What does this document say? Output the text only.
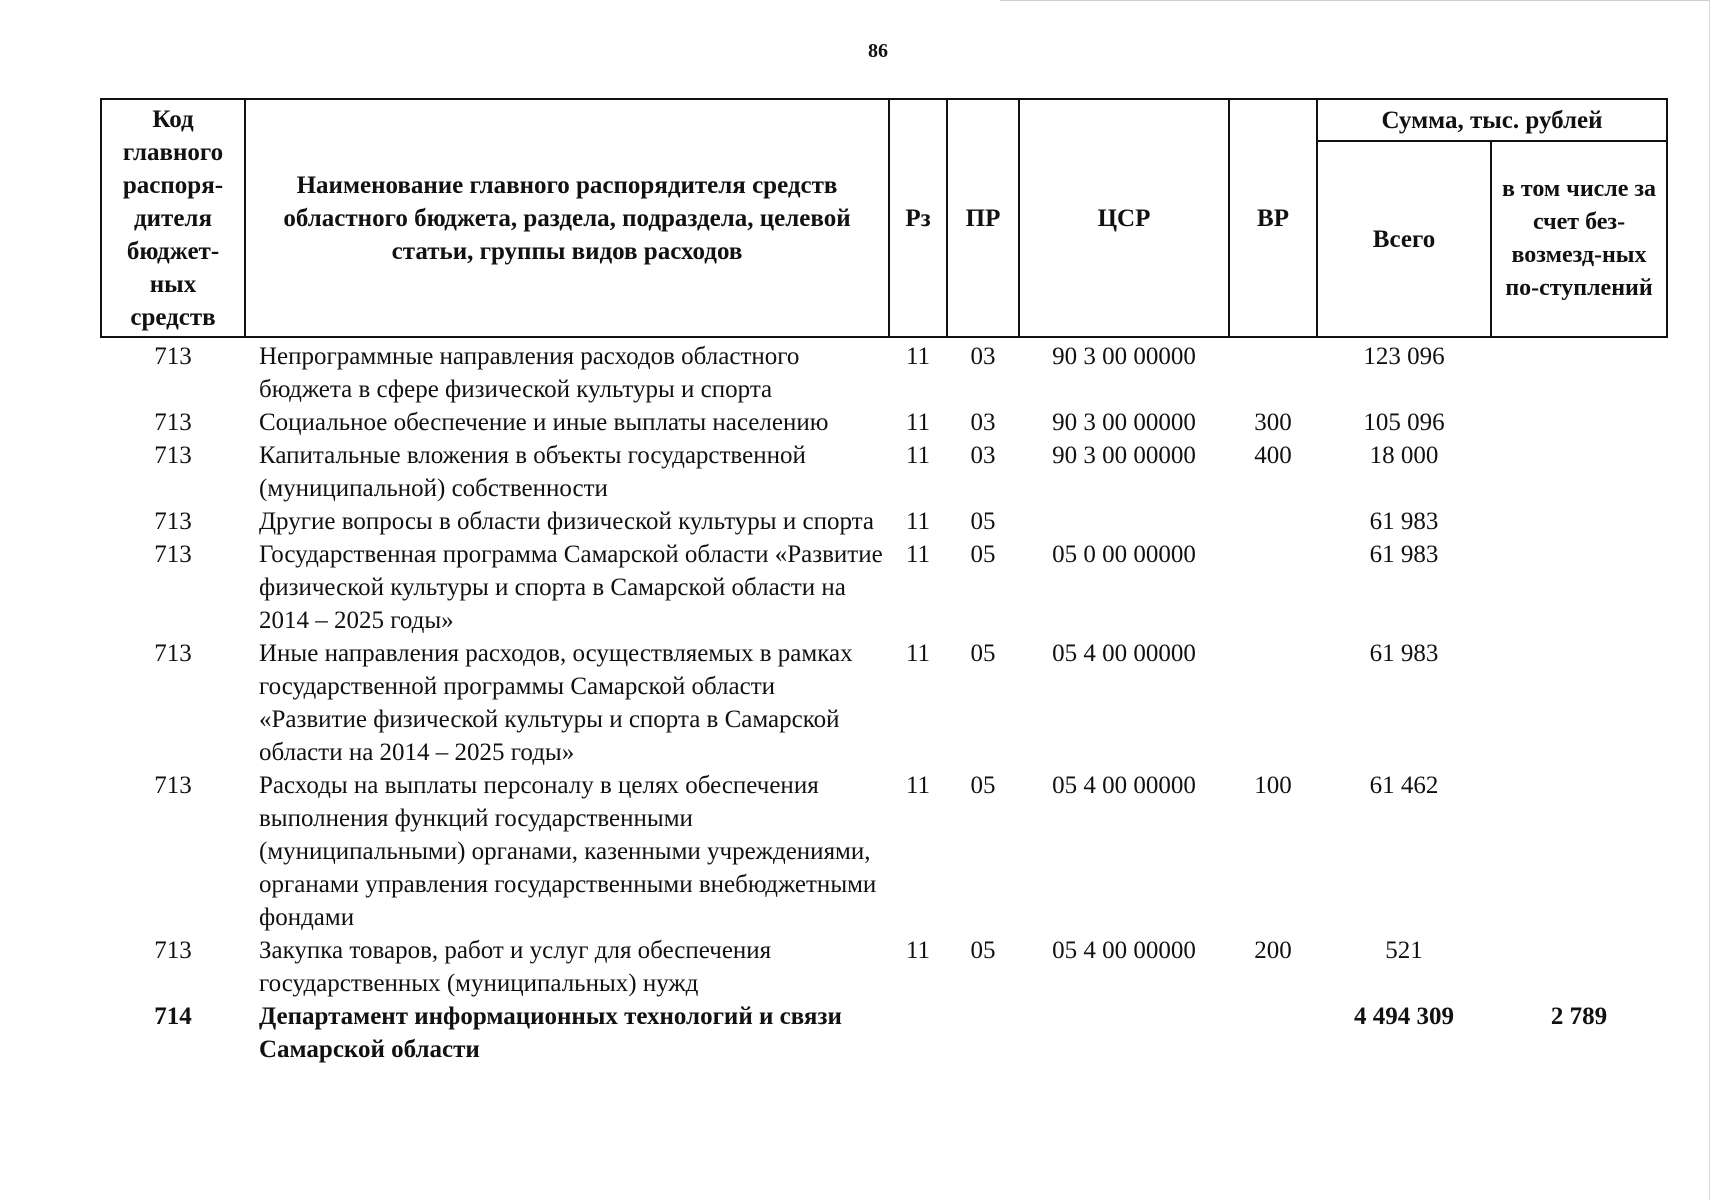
86
Код главного распоря-дителя бюджет-ных средств	Наименование главного распорядителя средств областного бюджета, раздела, подраздела, целевой статьи, группы видов расходов	Рз	ПР	ЦСР	ВР	Сумма, тыс. рублей	
						Всего	в том числе за счет без-возмезд-ных по-ступлений
713	Непрограммные направления расходов областного бюджета в сфере физической культуры и спорта	11	03	90 3 00 00000		123 096	
713	Социальное обеспечение и иные выплаты населению	11	03	90 3 00 00000	300	105 096	
713	Капитальные вложения в объекты государственной (муниципальной) собственности	11	03	90 3 00 00000	400	18 000	
713	Другие вопросы в области физической культуры и спорта	11	05			61 983	
713	Государственная программа Самарской области «Развитие физической культуры и спорта в Самарской области на 2014 – 2025 годы»	11	05	05 0 00 00000		61 983	
713	Иные направления расходов, осуществляемых в рамках государственной программы Самарской области «Развитие физической культуры и спорта в Самарской области на 2014 – 2025 годы»	11	05	05 4 00 00000		61 983	
713	Расходы на выплаты персоналу в целях обеспечения выполнения функций государственными (муниципальными) органами, казенными учреждениями, органами управления государственными внебюджетными фондами	11	05	05 4 00 00000	100	61 462	
713	Закупка товаров, работ и услуг для обеспечения государственных (муниципальных) нужд	11	05	05 4 00 00000	200	521	
714	Департамент информационных технологий и связи Самарской области					4 494 309	2 789
